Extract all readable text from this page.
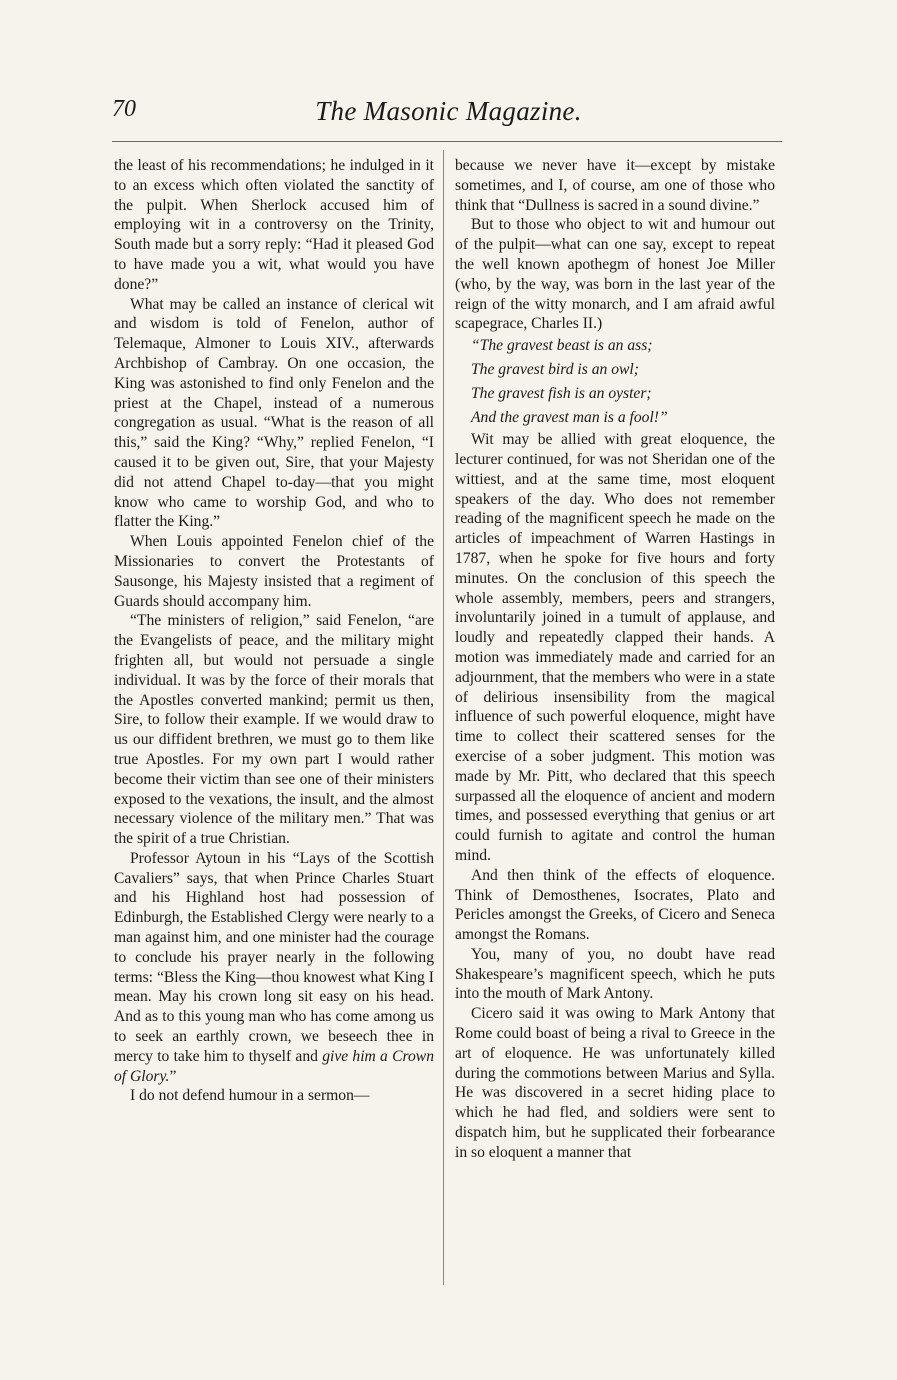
70	The Masonic Magazine.

the least of his recommendations; he indulged in it to an excess which often violated the sanctity of the pulpit. When Sherlock accused him of employing wit in a controversy on the Trinity, South made but a sorry reply: “Had it pleased God to have made you a wit, what would you have done?”

What may be called an instance of clerical wit and wisdom is told of Fenelon, author of Telemaque, Almoner to Louis XIV., afterwards Archbishop of Cambray. On one occasion, the King was astonished to find only Fenelon and the priest at the Chapel, instead of a numerous congregation as usual. “What is the reason of all this,” said the King? “Why,” replied Fenelon, “I caused it to be given out, Sire, that your Majesty did not attend Chapel to-day—that you might know who came to worship God, and who to flatter the King.”

When Louis appointed Fenelon chief of the Missionaries to convert the Protestants of Sausonge, his Majesty insisted that a regiment of Guards should accompany him.

“The ministers of religion,” said Fenelon, “are the Evangelists of peace, and the military might frighten all, but would not persuade a single individual. It was by the force of their morals that the Apostles converted mankind; permit us then, Sire, to follow their example. If we would draw to us our diffident brethren, we must go to them like true Apostles. For my own part I would rather become their victim than see one of their ministers exposed to the vexations, the insult, and the almost necessary violence of the military men.” That was the spirit of a true Christian.

Professor Aytoun in his “Lays of the Scottish Cavaliers” says, that when Prince Charles Stuart and his Highland host had possession of Edinburgh, the Established Clergy were nearly to a man against him, and one minister had the courage to conclude his prayer nearly in the following terms: “Bless the King—thou knowest what King I mean. May his crown long sit easy on his head. And as to this young man who has come among us to seek an earthly crown, we beseech thee in mercy to take him to thyself and give him a Crown of Glory.”

I do not defend humour in a sermon—

because we never have it—except by mistake sometimes, and I, of course, am one of those who think that “Dullness is sacred in a sound divine.”

But to those who object to wit and humour out of the pulpit—what can one say, except to repeat the well known apothegm of honest Joe Miller (who, by the way, was born in the last year of the reign of the witty monarch, and I am afraid awful scapegrace, Charles II.)

“The gravest beast is an ass;
The gravest bird is an owl;
The gravest fish is an oyster;
And the gravest man is a fool!”

Wit may be allied with great eloquence, the lecturer continued, for was not Sheridan one of the wittiest, and at the same time, most eloquent speakers of the day. Who does not remember reading of the magnificent speech he made on the articles of impeachment of Warren Hastings in 1787, when he spoke for five hours and forty minutes. On the conclusion of this speech the whole assembly, members, peers and strangers, involuntarily joined in a tumult of applause, and loudly and repeatedly clapped their hands. A motion was immediately made and carried for an adjournment, that the members who were in a state of delirious insensibility from the magical influence of such powerful eloquence, might have time to collect their scattered senses for the exercise of a sober judgment. This motion was made by Mr. Pitt, who declared that this speech surpassed all the eloquence of ancient and modern times, and possessed everything that genius or art could furnish to agitate and control the human mind.

And then think of the effects of eloquence. Think of Demosthenes, Isocrates, Plato and Pericles amongst the Greeks, of Cicero and Seneca amongst the Romans.

You, many of you, no doubt have read Shakespeare’s magnificent speech, which he puts into the mouth of Mark Antony.

Cicero said it was owing to Mark Antony that Rome could boast of being a rival to Greece in the art of eloquence. He was unfortunately killed during the commotions between Marius and Sylla. He was discovered in a secret hiding place to which he had fled, and soldiers were sent to dispatch him, but he supplicated their forbearance in so eloquent a manner that
